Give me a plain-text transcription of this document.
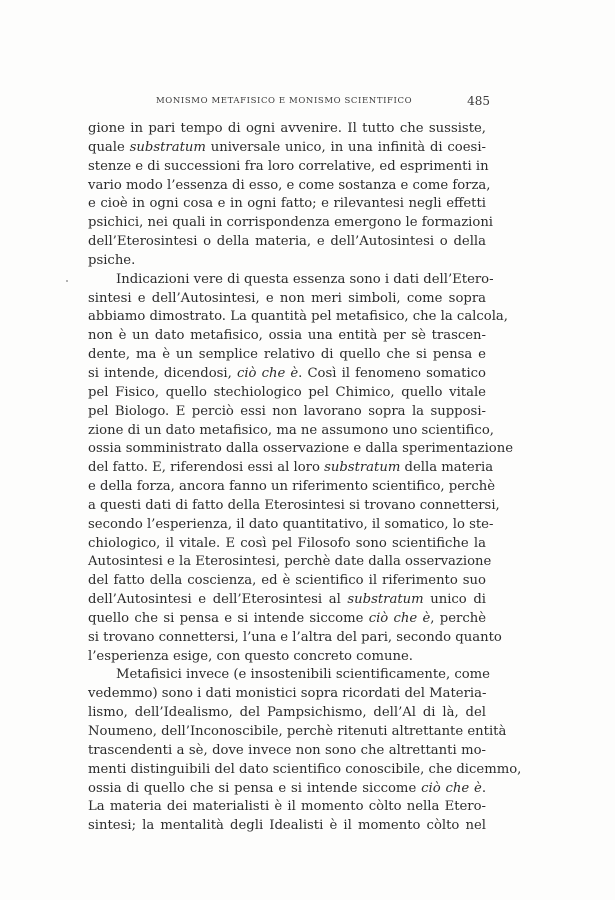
MONISMO METAFISICO E MONISMO SCIENTIFICO	485
gione in pari tempo di ogni avvenire. Il tutto che sussiste,
quale substratum universale unico, in una infinità di coesi-
stenze e di successioni fra loro correlative, ed esprimenti in
vario modo l’essenza di esso, e come sostanza e come forza,
e cioè in ogni cosa e in ogni fatto; e rilevantesi negli effetti
psichici, nei quali in corrispondenza emergono le formazioni
dell’Eterosintesi o della materia, e dell’Autosintesi o della
psiche.
Indicazioni vere di questa essenza sono i dati dell’Etero-
sintesi e dell’Autosintesi, e non meri simboli, come sopra
abbiamo dimostrato. La quantità pel metafisico, che la calcola,
non è un dato metafisico, ossia una entità per sè trascen-
dente, ma è un semplice relativo di quello che si pensa e
si intende, dicendosi, ciò che è. Così il fenomeno somatico
pel Fisico, quello stechiologico pel Chimico, quello vitale
pel Biologo. E perciò essi non lavorano sopra la supposi-
zione di un dato metafisico, ma ne assumono uno scientifico,
ossia somministrato dalla osservazione e dalla sperimentazione
del fatto. E, riferendosi essi al loro substratum della materia
e della forza, ancora fanno un riferimento scientifico, perchè
a questi dati di fatto della Eterosintesi si trovano connettersi,
secondo l’esperienza, il dato quantitativo, il somatico, lo ste-
chiologico, il vitale. E così pel Filosofo sono scientifiche la
Autosintesi e la Eterosintesi, perchè date dalla osservazione
del fatto della coscienza, ed è scientifico il riferimento suo
dell’Autosintesi e dell’Eterosintesi al substratum unico di
quello che si pensa e si intende siccome ciò che è, perchè
si trovano connettersi, l’una e l’altra del pari, secondo quanto
l’esperienza esige, con questo concreto comune.
Metafisici invece (e insostenibili scientificamente, come
vedemmo) sono i dati monistici sopra ricordati del Materia-
lismo, dell’Idealismo, del Pampsichismo, dell’Al di là, del
Noumeno, dell’Inconoscibile, perchè ritenuti altrettante entità
trascendenti a sè, dove invece non sono che altrettanti mo-
menti distinguibili del dato scientifico conoscibile, che dicemmo,
ossia di quello che si pensa e si intende siccome ciò che è.
La materia dei materialisti è il momento còlto nella Etero-
sintesi; la mentalità degli Idealisti è il momento còlto nel
